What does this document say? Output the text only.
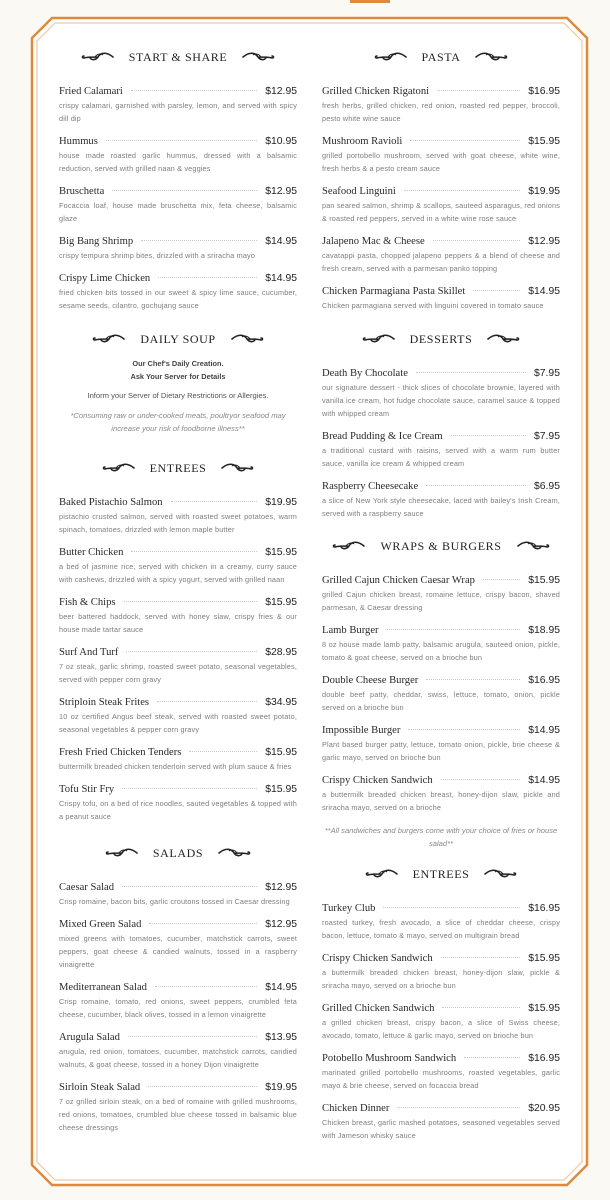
START & SHARE
Fried Calamari	$12.95
crispy calamari, garnished with parsley, lemon, and served with spicy dill dip
Hummus	$10.95
house made roasted garlic hummus, dressed with a balsamic reduction, served with grilled naan & veggies
Bruschetta	$12.95
Focaccia loaf, house made bruschetta mix, feta cheese, balsamic glaze
Big Bang Shrimp	$14.95
crispy tempura shrimp bites, drizzled with a sriracha mayo
Crispy Lime Chicken	$14.95
fried chicken bits tossed in our sweet & spicy lime sauce, cucumber, sesame seeds, cilantro, gochujang sauce
DAILY SOUP
Our Chef's Daily Creation.
Ask Your Server for Details
Inform your Server of Dietary Restrictions or Allergies.
*Consuming raw or under-cooked meats, poultryor seafood may increase your risk of foodborne illness**
ENTREES
Baked Pistachio Salmon	$19.95
pistachio crusted salmon, served with roasted sweet potatoes, warm spinach, tomatoes, drizzled with lemon maple butter
Butter Chicken	$15.95
a bed of jasmine rice, served with chicken in a creamy, curry sauce with cashews, drizzled with a spicy yogurt, served with grilled naan
Fish & Chips	$15.95
beer battered haddock, served with honey slaw, crispy fries & our house made tartar sauce
Surf And Turf	$28.95
7 oz steak, garlic shrimp, roasted sweet potato, seasonal vegetables, served with pepper corn gravy
Striploin Steak Frites	$34.95
10 oz certified Angus beef steak, served with roasted sweet potato, seasonal vegetables & pepper corn gravy
Fresh Fried Chicken Tenders	$15.95
buttermilk breaded chicken tenderloin served with plum sauce & fries
Tofu Stir Fry	$15.95
Crispy tofu, on a bed of rice noodles, sauted vegetables & topped with a peanut sauce
SALADS
Caesar Salad	$12.95
Crisp romaine, bacon bits, garlic croutons tossed in Caesar dressing
Mixed Green Salad	$12.95
mixed greens with tomatoes, cucumber, matchstick carrots, sweet peppers, goat cheese & candied walnuts, tossed in a raspberry vinaigrette
Mediterranean Salad	$14.95
Crisp romaine, tomato, red onions, sweet peppers, crumbled feta cheese, cucumber, black olives, tossed in a lemon vinaigrette
Arugula Salad	$13.95
arugula, red onion, tomatoes, cucumber, matchstick carrots, candied walnuts, & goat cheese, tossed in a honey Dijon vinaigrette
Sirloin Steak Salad	$19.95
7 oz grilled sirloin steak, on a bed of romaine with grilled mushrooms, red onions, tomatoes, crumbled blue cheese tossed in balsamic blue cheese dressings
PASTA
Grilled Chicken Rigatoni	$16.95
fresh herbs, grilled chicken, red onion, roasted red pepper, broccoli, pesto white wine sauce
Mushroom Ravioli	$15.95
grilled portobello mushroom, served with goat cheese, white wine, fresh herbs & a pesto cream sauce
Seafood Linguini	$19.95
pan seared salmon, shrimp & scallops, sauteed asparagus, red onions & roasted red peppers, served in a white wine rose sauce
Jalapeno Mac & Cheese	$12.95
cavatappi pasta, chopped jalapeno peppers & a blend of cheese and fresh cream, served with a parmesan panko topping
Chicken Parmagiana Pasta Skillet	$14.95
Chicken parmagiana served with linguini covered in tomato sauce
DESSERTS
Death By Chocolate	$7.95
our signature dessert - thick slices of chocolate brownie, layered with vanilla ice cream, hot fudge chocolate sauce, caramel sauce & topped with whipped cream
Bread Pudding & Ice Cream	$7.95
a traditional custard with raisins, served with a warm rum butter sauce, vanilla ice cream & whipped cream
Raspberry Cheesecake	$6.95
a slice of New York style cheesecake, laced with bailey's Irish Cream, served with a raspberry sauce
WRAPS & BURGERS
Grilled Cajun Chicken Caesar Wrap	$15.95
grilled Cajun chicken breast, romaine lettuce, crispy bacon, shaved parmesan, & Caesar dressing
Lamb Burger	$18.95
8 oz house made lamb patty, balsamic arugula, sauteed onion, pickle, tomato & goat cheese, served on a brioche bun
Double Cheese Burger	$16.95
double beef patty, cheddar, swiss, lettuce, tomato, onion, pickle served on a brioche bun
Impossible Burger	$14.95
Plant based burger patty, lettuce, tomato onion, pickle, brie cheese & garlic mayo, served on brioche bun
Crispy Chicken Sandwich	$14.95
a buttermilk breaded chicken breast, honey-dijon slaw, pickle and sriracha mayo, served on a brioche
**All sandwiches and burgers come with your choice of fries or house salad**
ENTREES
Turkey Club	$16.95
roasted turkey, fresh avocado, a slice of cheddar cheese, crispy bacon, lettuce, tomato & mayo, served on multigrain bread
Crispy Chicken Sandwich	$15.95
a buttermilk breaded chicken breast, honey-dijon slaw, pickle & sriracha mayo, served on a brioche bun
Grilled Chicken Sandwich	$15.95
a grilled chicken breast, crispy bacon, a slice of Swiss cheese, avocado, tomato, lettuce & garlic mayo, served on brioche bun
Potobello Mushroom Sandwich	$16.95
marinated grilled portobello mushrooms, roasted vegetables, garlic mayo & brie cheese, served on focaccia bread
Chicken Dinner	$20.95
Chicken breast, garlic mashed potatoes, seasoned vegetables served with Jameson whisky sauce
